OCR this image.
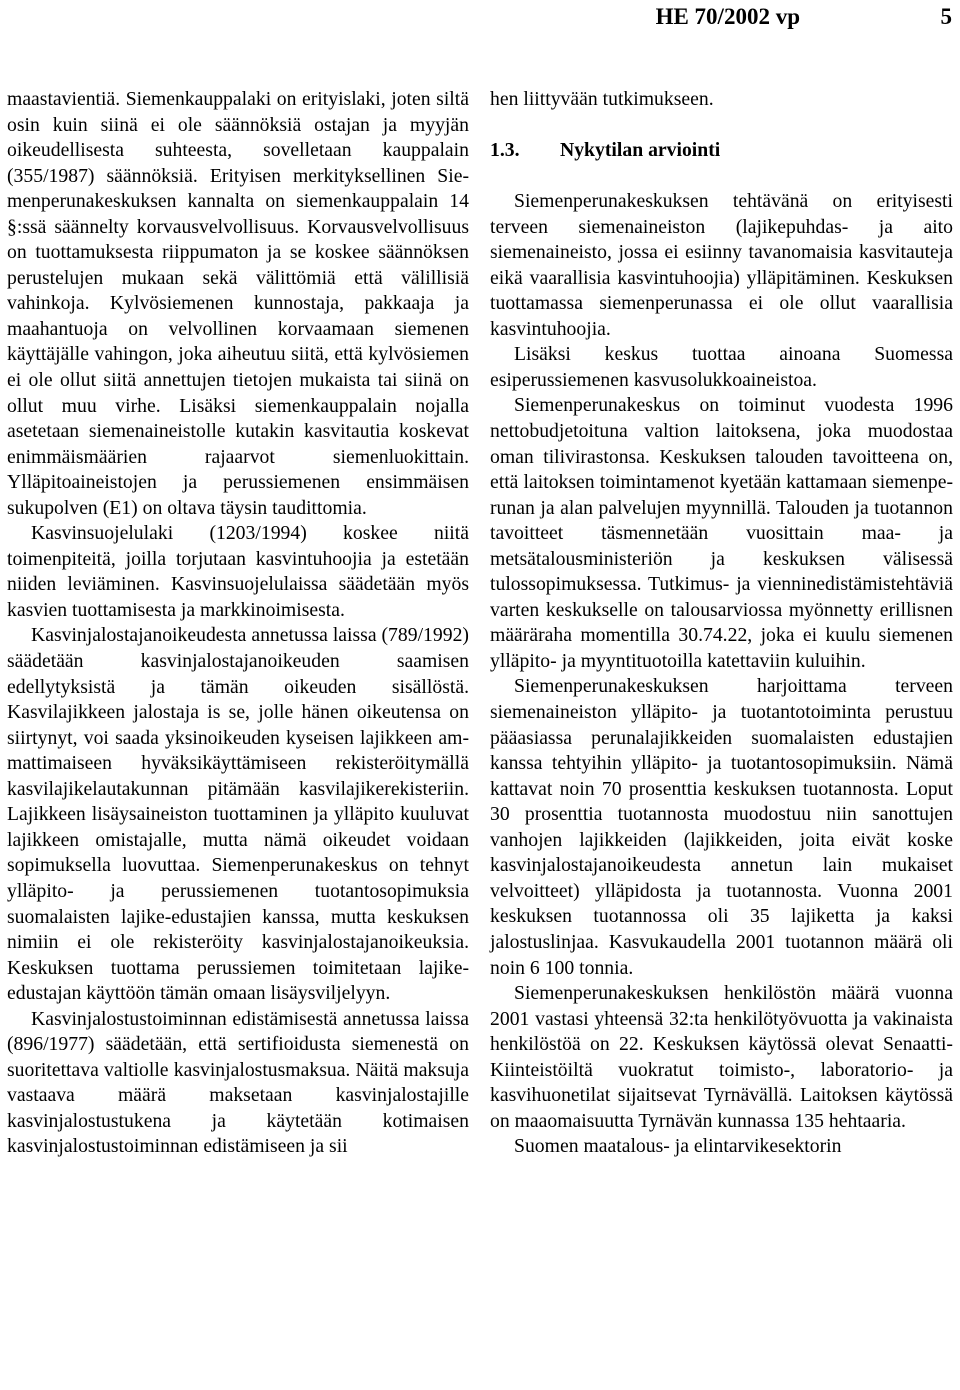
HE 70/2002 vp	5

maastavientiä. Siemenkauppalaki on erityislaki, joten siltä osin kuin siinä ei ole säännöksiä ostajan ja myyjän oikeudellisesta suhteesta, sovelletaan kauppalain (355/1987) säännöksiä. Erityisen merkityksellinen Siemenperunakeskuksen kannalta on siemenkauppalain 14 §:ssä säännelty korvausvelvollisuus. Korvausvelvollisuus on tuottamuksesta riippumaton ja se koskee säännöksen perustelujen mukaan sekä välittömiä että välillisiä vahinkoja. Kylvösiemenen kunnostaja, pakkaaja ja maahantuoja on velvollinen korvaamaan siemenen käyttäjälle vahingon, joka aiheutuu siitä, että kylvösiemen ei ole ollut siitä annettujen tietojen mukaista tai siinä on ollut muu virhe. Lisäksi siemenkauppalain nojalla asetetaan siemenaineistolle kutakin kasvitautia koskevat enimmäismäärien rajaarvot siemenluokittain. Ylläpitoaineistojen ja perussiemenen ensimmäisen sukupolven (E1) on oltava täysin taudittomia.

Kasvinsuojelulaki (1203/1994) koskee niitä toimenpiteitä, joilla torjutaan kasvintuhoojia ja estetään niiden leviäminen. Kasvinsuojelulaissa säädetään myös kasvien tuottamisesta ja markkinoimisesta.

Kasvinjalostajanoikeudesta annetussa laissa (789/1992) säädetään kasvinjalostajanoikeuden saamisen edellytyksistä ja tämän oikeuden sisällöstä. Kasvilajikkeen jalostaja is se, jolle hänen oikeutensa on siirtynyt, voi saada yksinoikeuden kyseisen lajikkeen ammattimaiseen hyväksikäyttämiseen rekisteröitymällä kasvilajikelautakunnan pitämään kasvilajikerekisteriin. Lajikkeen lisäysaineiston tuottaminen ja ylläpito kuuluvat lajikkeen omistajalle, mutta nämä oikeudet voidaan sopimuksella luovuttaa. Siemenperunakeskus on tehnyt ylläpito- ja perussiemenen tuotantosopimuksia suomalaisten lajike-edustajien kanssa, mutta keskuksen nimiin ei ole rekisteröity kasvinjalostajanoikeuksia. Keskuksen tuottama perussiemen toimitetaan lajikeedustajan käyttöön tämän omaan lisäysviljelyyn.

Kasvinjalostustoiminnan edistämisestä annetussa laissa (896/1977) säädetään, että sertifioidusta siemenestä on suoritettava valtiolle kasvinjalostusmaksua. Näitä maksuja vastaava määrä maksetaan kasvinjalostajille kasvinjalostustukena ja käytetään kotimaisen kasvinjalostustoiminnan edistämiseen ja sii

hen liittyvään tutkimukseen.

1.3.	Nykytilan arviointi

Siemenperunakeskuksen tehtävänä on erityisesti terveen siemenaineiston (lajikepuhdas- ja aito siemenaineisto, jossa ei esiinny tavanomaisia kasvitauteja eikä vaarallisia kasvintuhoojia) ylläpitäminen. Keskuksen tuottamassa siemenperunassa ei ole ollut vaarallisia kasvintuhoojia.

Lisäksi keskus tuottaa ainoana Suomessa esiperussiemenen kasvusolukkoaineistoa.

Siemenperunakeskus on toiminut vuodesta 1996 nettobudjetoituna valtion laitoksena, joka muodostaa oman tilivirastonsa. Keskuksen talouden tavoitteena on, että laitoksen toimintamenot kyetään kattamaan siemenperunan ja alan palvelujen myynnillä. Talouden ja tuotannon tavoitteet täsmennetään vuosittain maa- ja metsätalousministeriön ja keskuksen välisessä tulossopimuksessa. Tutkimus- ja vienninedistämistehtäviä varten keskukselle on talousarviossa myönnetty erillisnen määräraha momentilla 30.74.22, joka ei kuulu siemenen ylläpito- ja myyntituotoilla katettaviin kuluihin.

Siemenperunakeskuksen harjoittama terveen siemenaineiston ylläpito- ja tuotantotoiminta perustuu pääasiassa perunalajikkeiden suomalaisten edustajien kanssa tehtyihin ylläpito- ja tuotantosopimuksiin. Nämä kattavat noin 70 prosenttia keskuksen tuotannosta. Loput 30 prosenttia tuotannosta muodostuu niin sanottujen vanhojen lajikkeiden (lajikkeiden, joita eivät koske kasvinjalostajanoikeudesta annetun lain mukaiset velvoitteet) ylläpidosta ja tuotannosta. Vuonna 2001 keskuksen tuotannossa oli 35 lajiketta ja kaksi jalostuslinjaa. Kasvukaudella 2001 tuotannon määrä oli noin 6 100 tonnia.

Siemenperunakeskuksen henkilöstön määrä vuonna 2001 vastasi yhteensä 32:ta henkilötyövuotta ja vakinaista henkilöstöä on 22. Keskuksen käytössä olevat Senaatti-Kiinteistöiltä vuokratut toimisto-, laboratorio- ja kasvihuonetilat sijaitsevat Tyrnävällä. Laitoksen käytössä on maaomaisuutta Tyrnävän kunnassa 135 hehtaaria.

Suomen maatalous- ja elintarvikesektorin
